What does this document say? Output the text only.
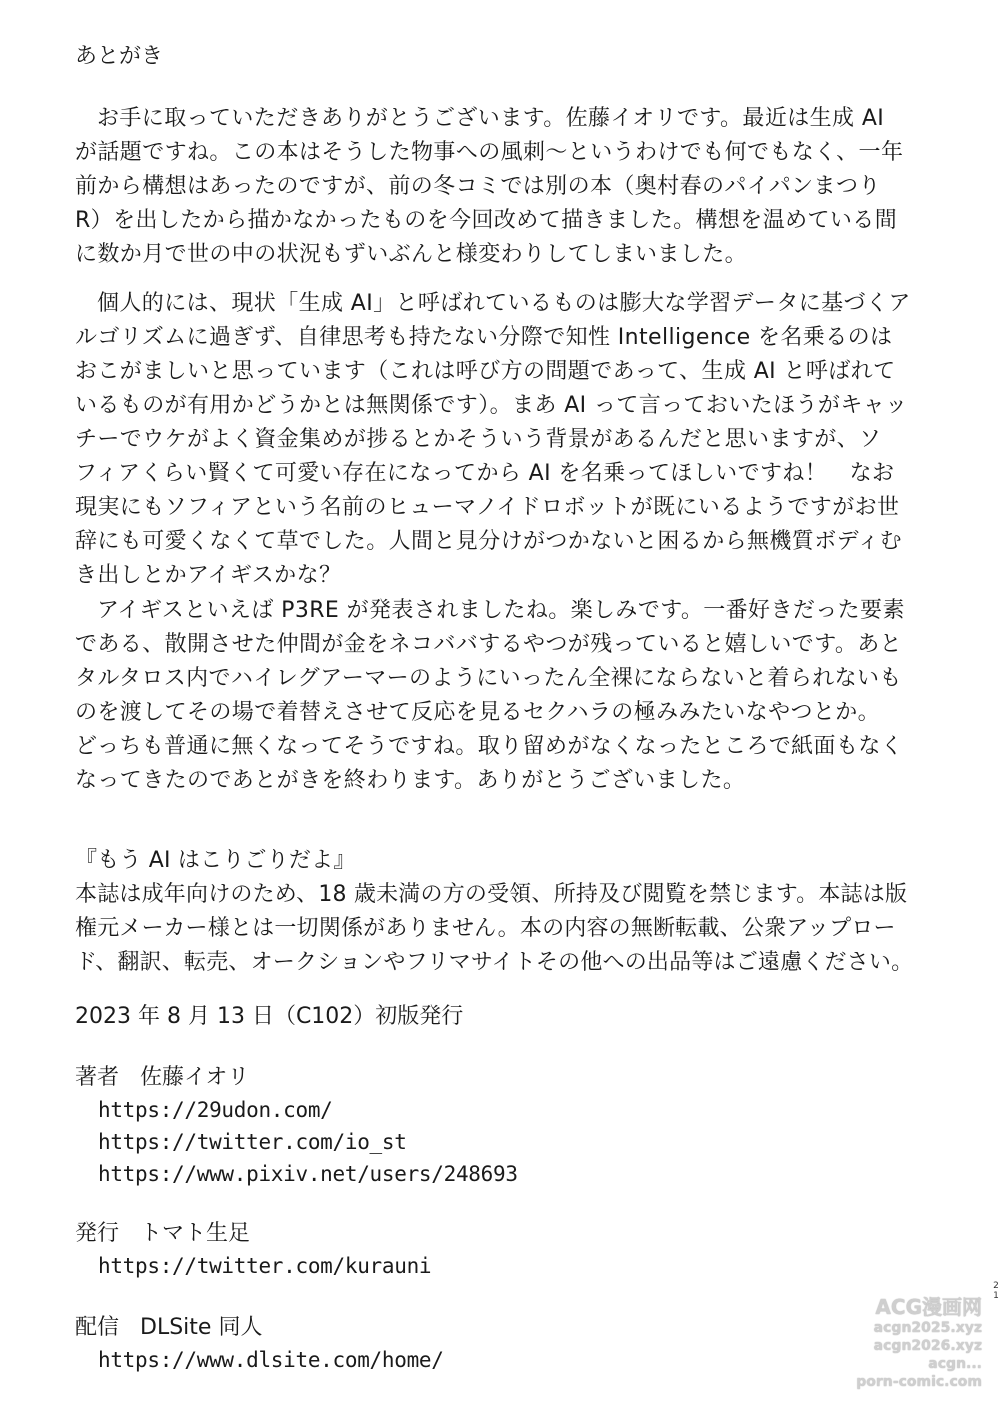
あとがき
お手に取っていただきありがとうございます。佐藤イオリです。最近は生成 AI
が話題ですね。この本はそうした物事への風刺〜というわけでも何でもなく、一年
前から構想はあったのですが、前の冬コミでは別の本（奥村春のパイパンまつり
R）を出したから描かなかったものを今回改めて描きました。構想を温めている間
に数か月で世の中の状況もずいぶんと様変わりしてしまいました。
個人的には、現状「生成 AI」と呼ばれているものは膨大な学習データに基づくア
ルゴリズムに過ぎず、自律思考も持たない分際で知性 Intelligence を名乗るのは
おこがましいと思っています（これは呼び方の問題であって、生成 AI と呼ばれて
いるものが有用かどうかとは無関係です）。まあ AI って言っておいたほうがキャッ
チーでウケがよく資金集めが捗るとかそういう背景があるんだと思いますが、ソ
フィアくらい賢くて可愛い存在になってから AI を名乗ってほしいですね！　なお
現実にもソフィアという名前のヒューマノイドロボットが既にいるようですがお世
辞にも可愛くなくて草でした。人間と見分けがつかないと困るから無機質ボディむ
き出しとかアイギスかな？
アイギスといえば P3RE が発表されましたね。楽しみです。一番好きだった要素
である、散開させた仲間が金をネコババするやつが残っていると嬉しいです。あと
タルタロス内でハイレグアーマーのようにいったん全裸にならないと着られないも
のを渡してその場で着替えさせて反応を見るセクハラの極みみたいなやつとか。
どっちも普通に無くなってそうですね。取り留めがなくなったところで紙面もなく
なってきたのであとがきを終わります。ありがとうございました。
『もう AI はこりごりだよ』
本誌は成年向けのため、18 歳未満の方の受領、所持及び閲覧を禁じます。本誌は版
権元メーカー様とは一切関係がありません。本の内容の無断転載、公衆アップロー
ド、翻訳、転売、オークションやフリマサイトその他への出品等はご遠慮ください。
2023 年 8 月 13 日（C102）初版発行
著者 佐藤イオリ
https://29udon.com/
https://twitter.com/io_st
https://www.pixiv.net/users/248693
発行 トマト生足
https://twitter.com/kurauni
配信 DLSite 同人
https://www.dlsite.com/home/
2
1
ACG漫画网
acgn2025.xyz
acgn2026.xyz
acgn...
porn-comic.com
